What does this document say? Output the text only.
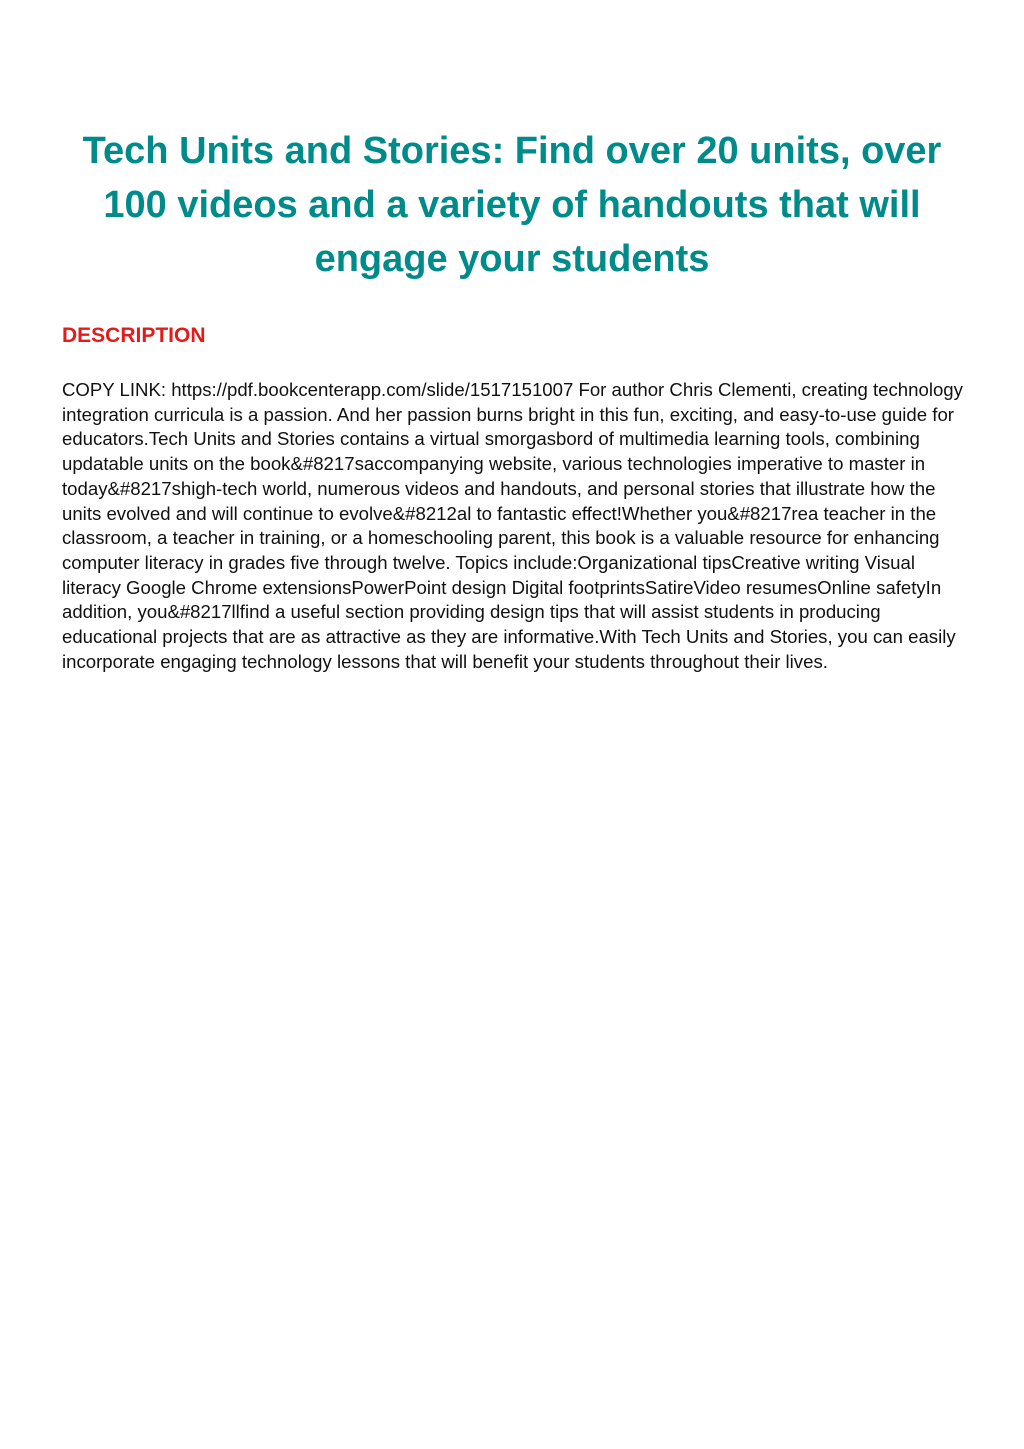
Tech Units and Stories: Find over 20 units, over 100 videos and a variety of handouts that will engage your students
DESCRIPTION

COPY LINK: https://pdf.bookcenterapp.com/slide/1517151007 For author Chris Clementi, creating technology integration curricula is a passion. And her passion burns bright in this fun, exciting, and easy-to-use guide for educators.Tech Units and Stories contains a virtual smorgasbord of multimedia learning tools, combining updatable units on the book&#8217saccompanying website, various technologies imperative to master in today&#8217shigh-tech world, numerous videos and handouts, and personal stories that illustrate how the units evolved and will continue to evolve&#8212al to fantastic effect!Whether you&#8217rea teacher in the classroom, a teacher in training, or a homeschooling parent, this book is a valuable resource for enhancing computer literacy in grades five through twelve. Topics include:Organizational tipsCreative writing Visual literacy Google Chrome extensionsPowerPoint design Digital footprintsSatireVideo resumesOnline safetyIn addition, you&#8217llfind a useful section providing design tips that will assist students in producing educational projects that are as attractive as they are informative.With Tech Units and Stories, you can easily incorporate engaging technology lessons that will benefit your students throughout their lives.
